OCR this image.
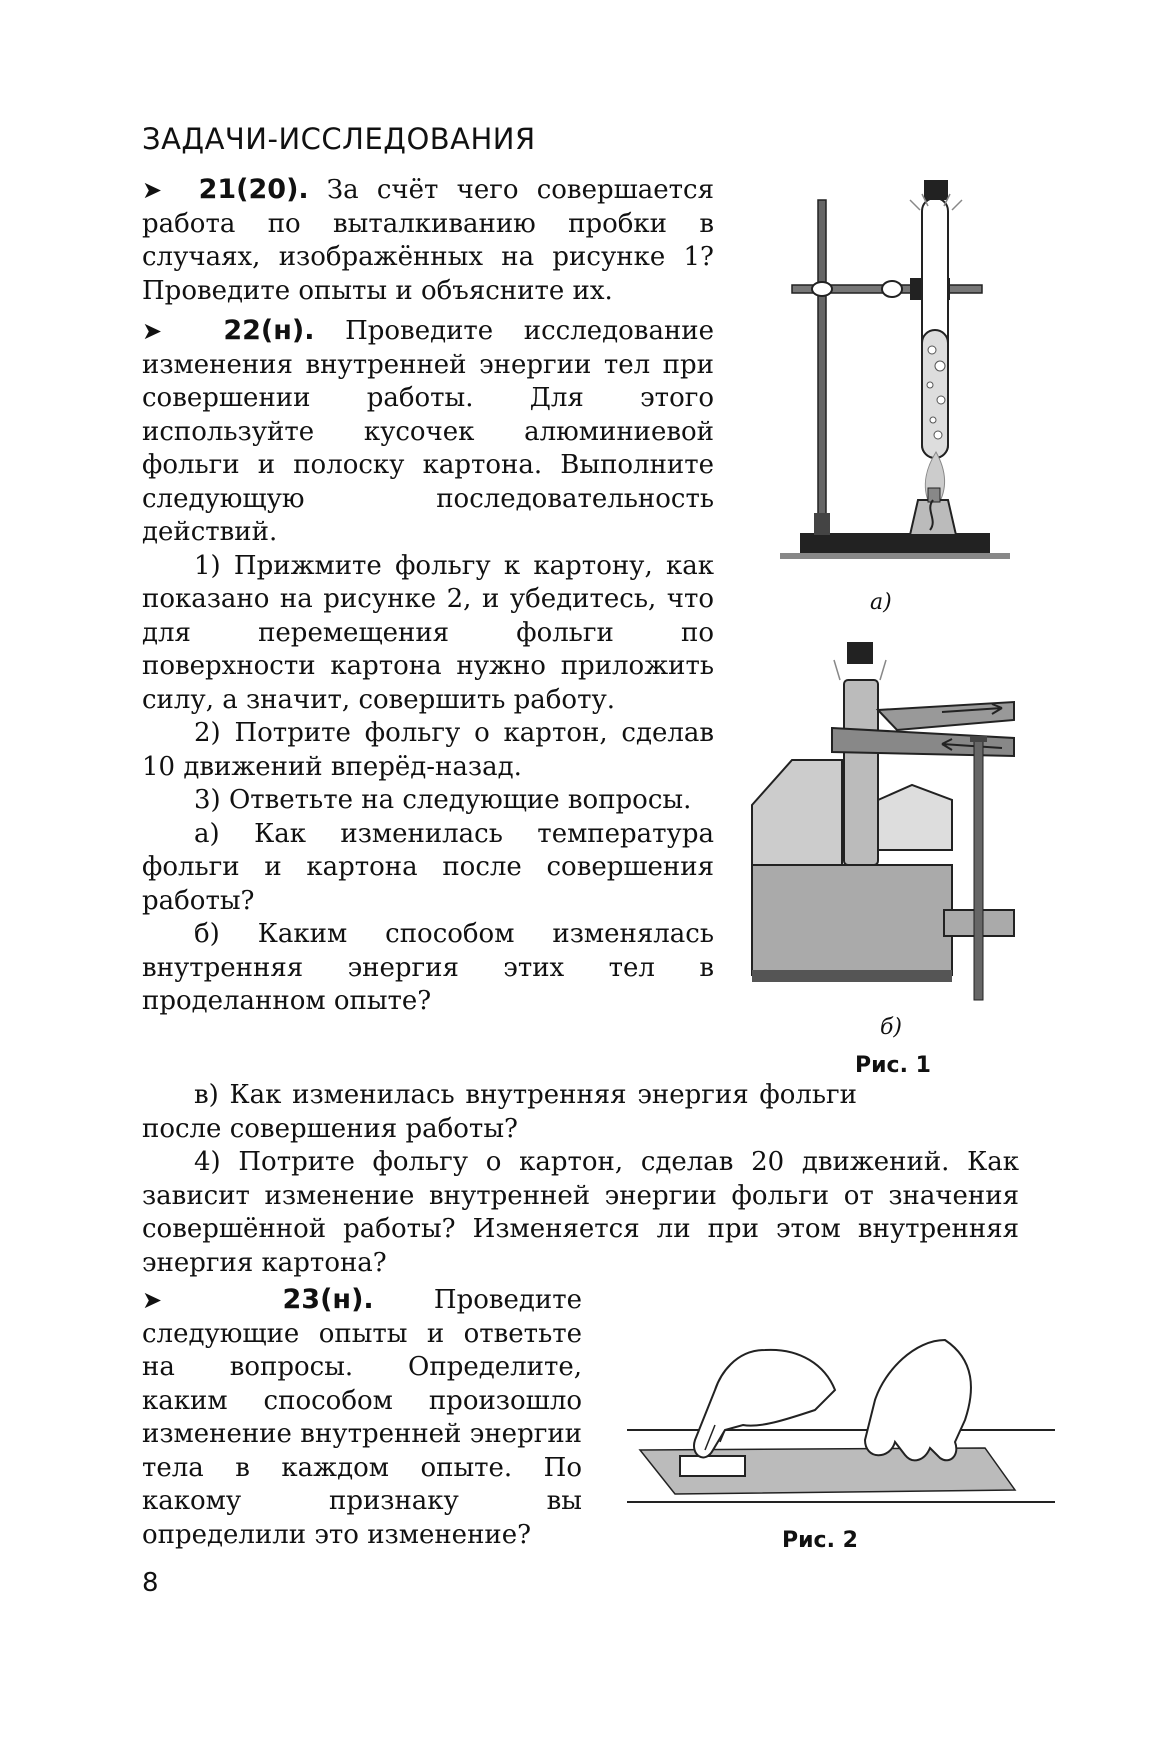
ЗАДАЧИ-ИССЛЕДОВАНИЯ

➤ 21(20). За счёт чего совершается работа по выталкиванию пробки в случаях, изображённых на рисунке 1? Проведите опыты и объясните их.

➤ 22(н). Проведите исследование изменения внутренней энергии тел при совершении работы. Для этого используйте кусочек алюминиевой фольги и полоску картона. Выполните следующую последовательность действий.

1) Прижмите фольгу к картону, как показано на рисунке 2, и убедитесь, что для перемещения фольги по поверхности картона нужно приложить силу, а значит, совершить работу.

2) Потрите фольгу о картон, сделав 10 движений вперёд-назад.

3) Ответьте на следующие вопросы.

а) Как изменилась температура фольги и картона после совершения работы?

б) Каким способом изменялась внутренняя энергия этих тел в проделанном опыте?

в) Как изменилась внутренняя энергия фольги после совершения работы?

4) Потрите фольгу о картон, сделав 20 движений. Как зависит изменение внутренней энергии фольги от значения совершённой работы? Изменяется ли при этом внутренняя энергия картона?

➤	23(н). Проведите следующие опыты и ответьте на вопросы. Определите, каким способом произошло изменение внутренней энергии тела в каждом опыте. По какому признаку вы определили это изменение?

а)
б)
Рис. 1
Рис. 2
8
